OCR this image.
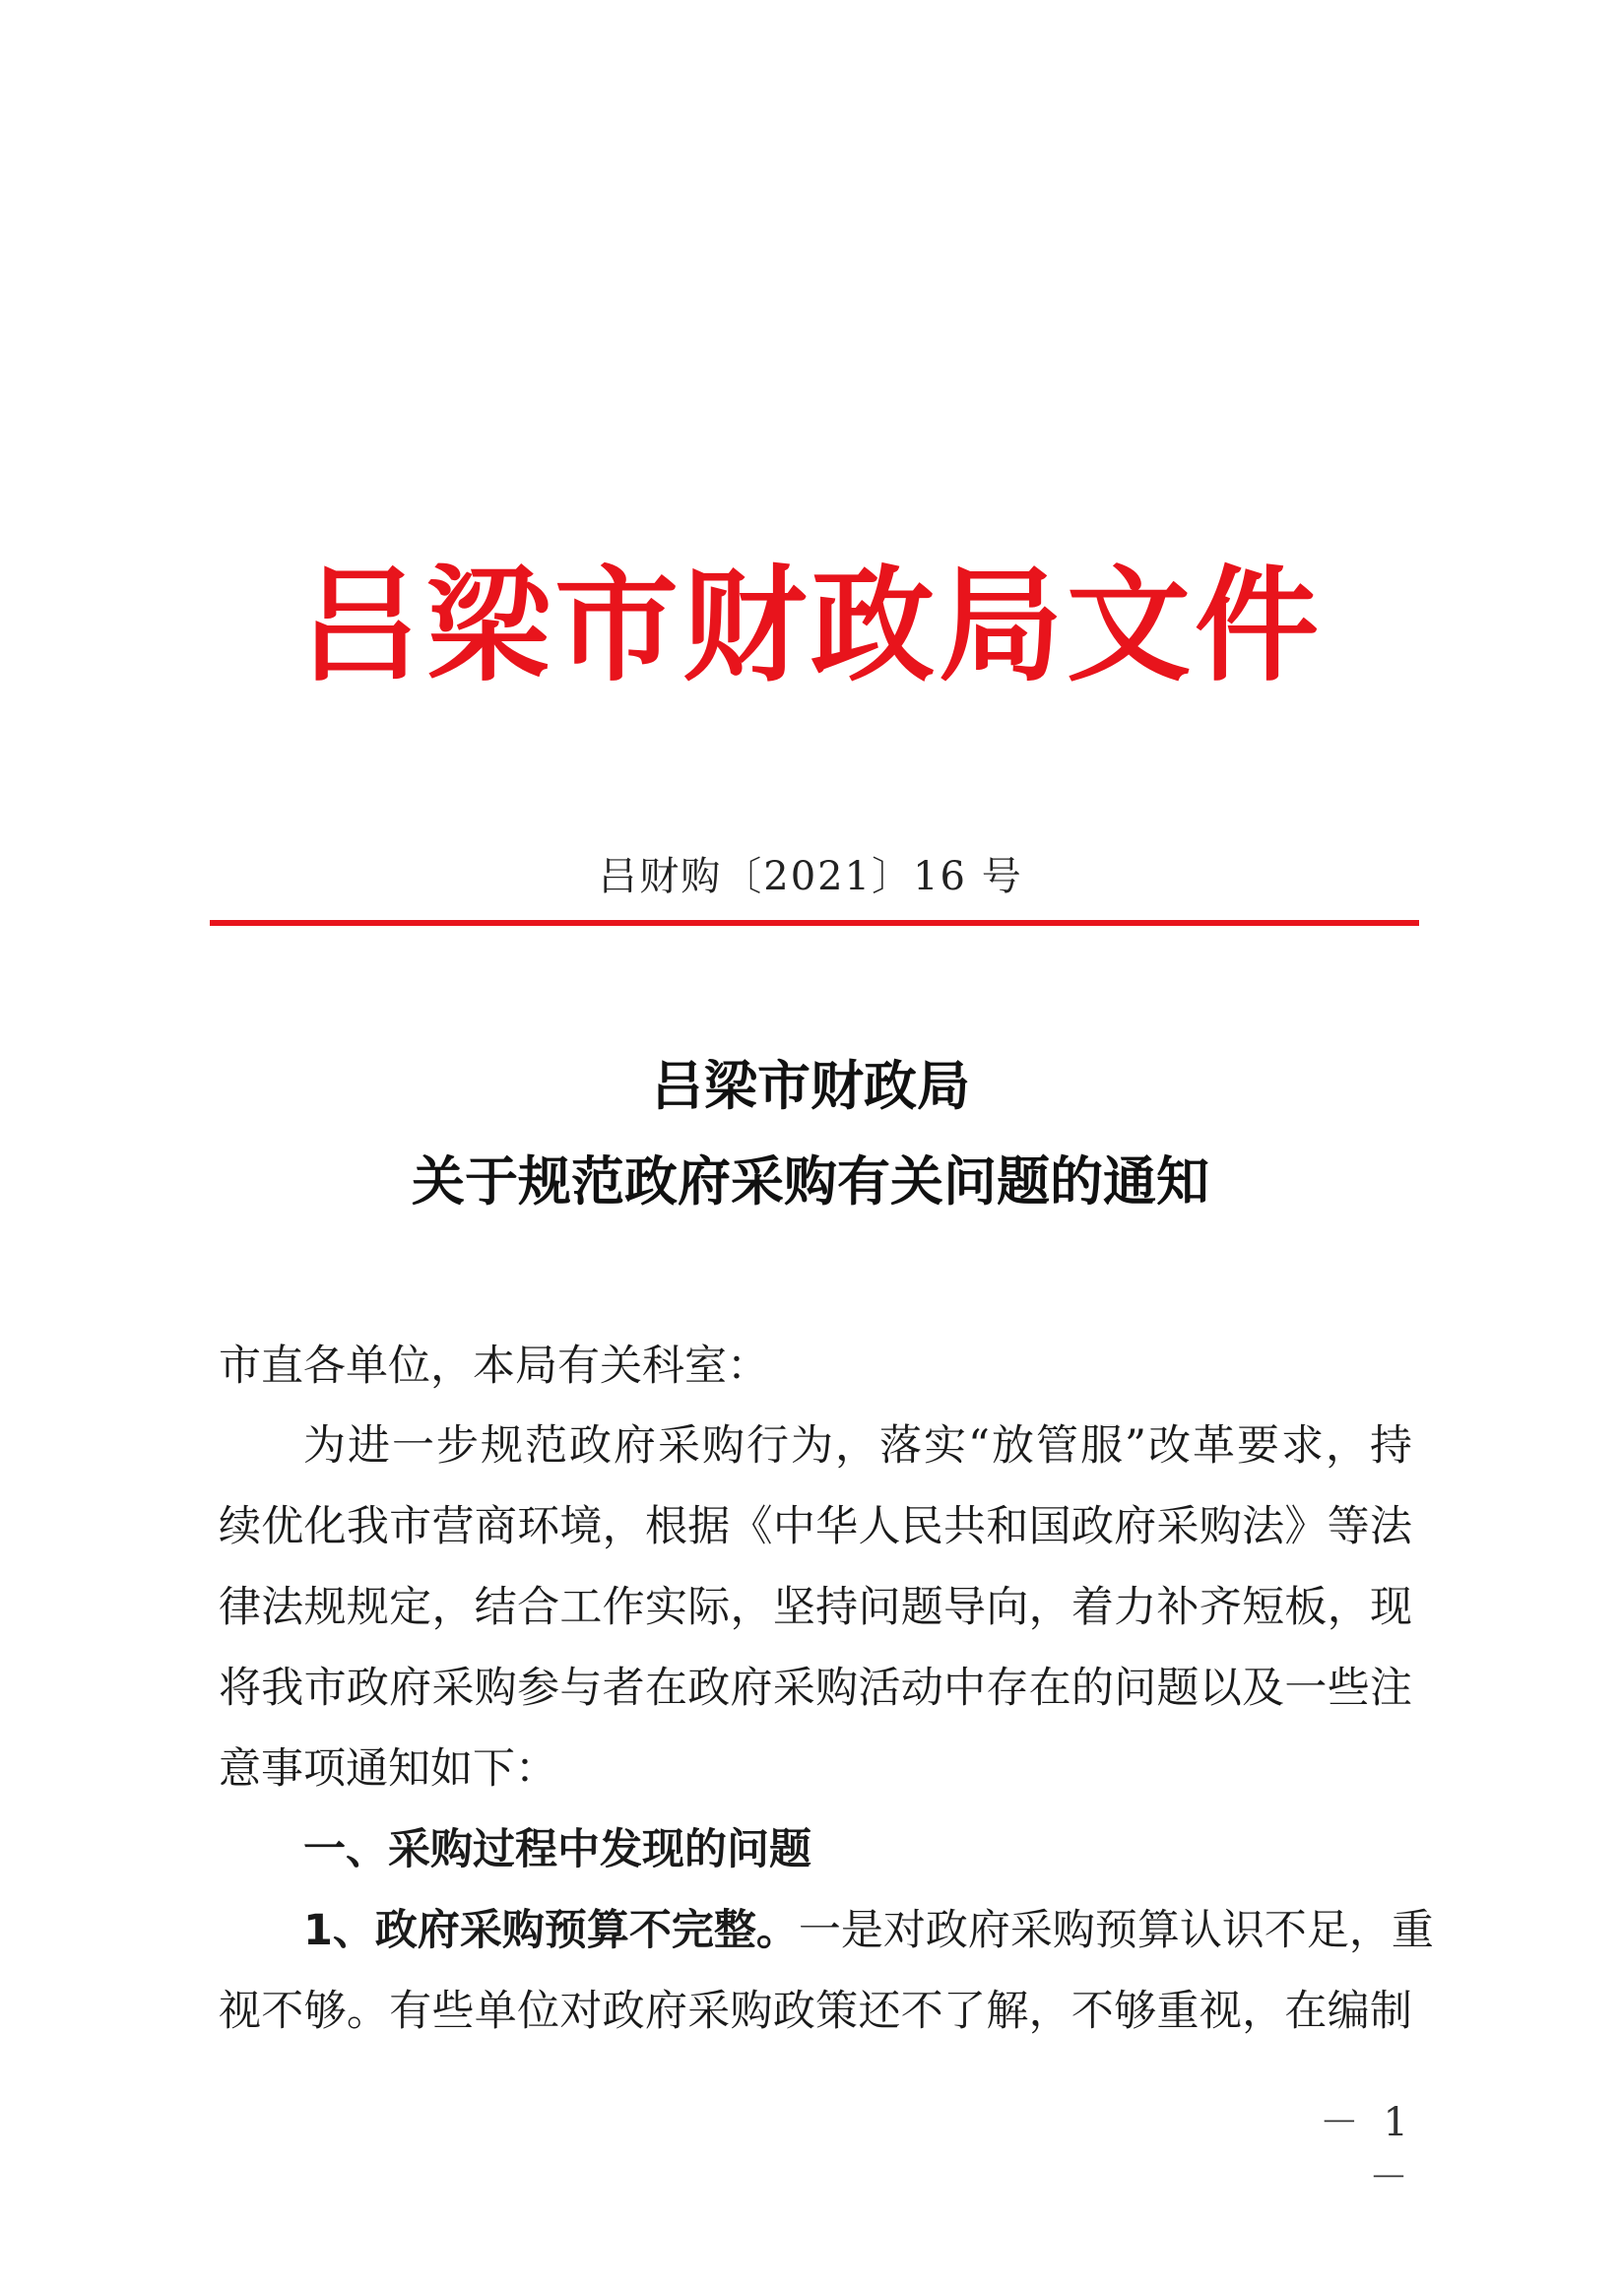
吕梁市财政局文件
吕财购〔2021〕16 号
吕梁市财政局
关于规范政府采购有关问题的通知
市直各单位，本局有关科室：
为进一步规范政府采购行为，落实“放管服”改革要求，持
续优化我市营商环境，根据《中华人民共和国政府采购法》等法
律法规规定，结合工作实际，坚持问题导向，着力补齐短板，现
将我市政府采购参与者在政府采购活动中存在的问题以及一些注
意事项通知如下：
一、采购过程中发现的问题
1、政府采购预算不完整。一是对政府采购预算认识不足，重
视不够。有些单位对政府采购政策还不了解，不够重视，在编制
－ 1 －
